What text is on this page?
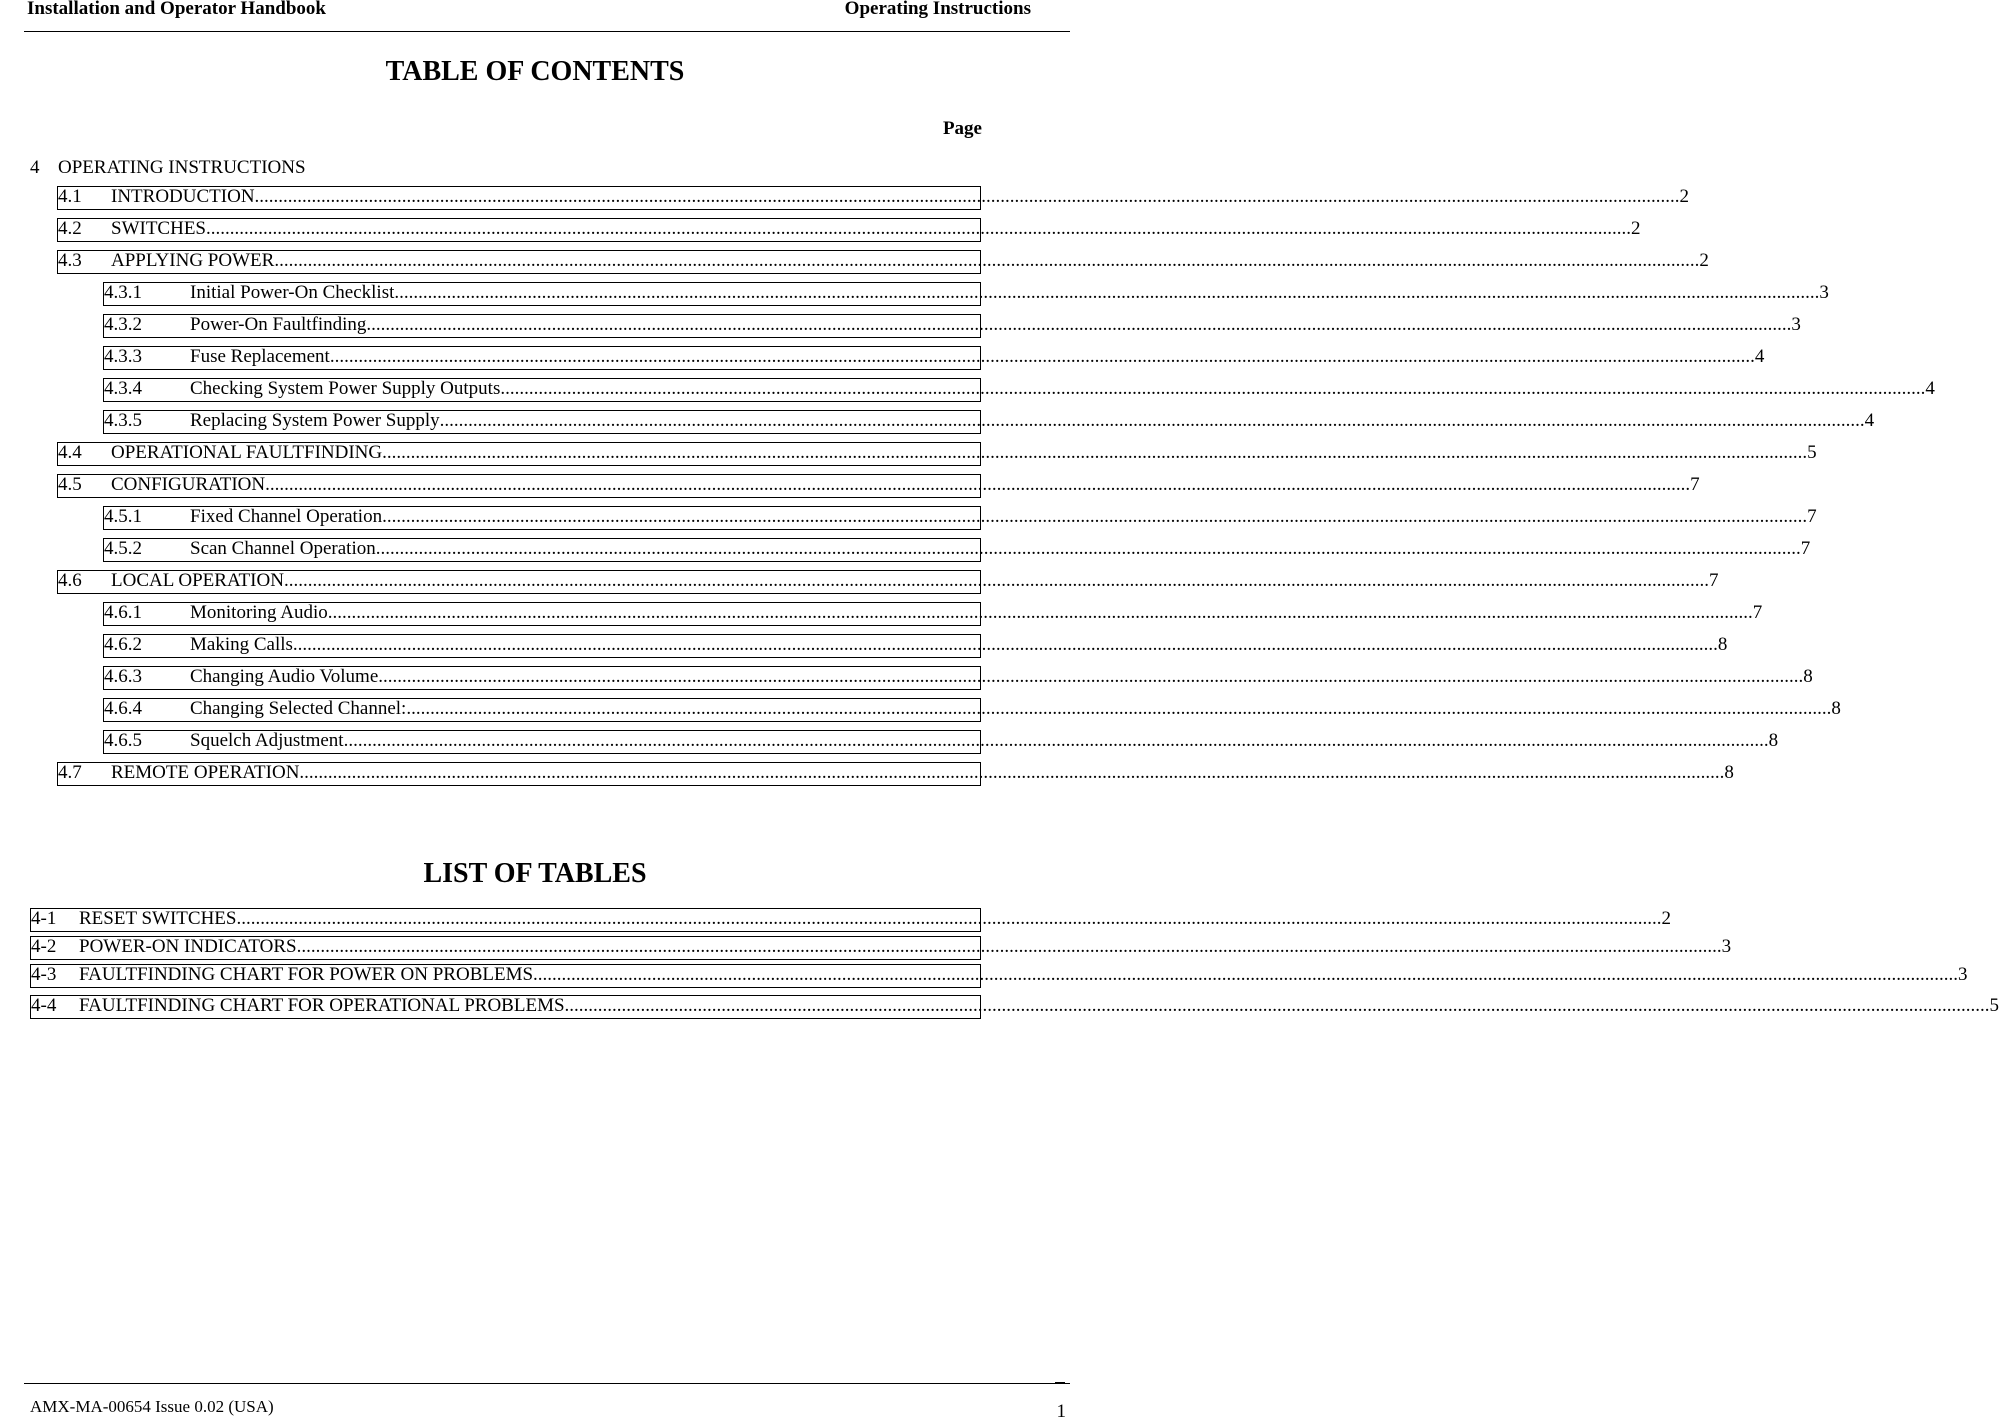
Installation and Operator Handbook	Operating Instructions
TABLE OF CONTENTS
Page
4 OPERATING INSTRUCTIONS
4.1	INTRODUCTION ............................................................................................................................................................................................................................................................................................................ 2
4.2	SWITCHES ............................................................................................................................................................................................................................................................................................................ 2
4.3	APPLYING POWER ............................................................................................................................................................................................................................................................................................................ 2
4.3.1	Initial Power-On Checklist ............................................................................................................................................................................................................................................................................................................ 3
4.3.2	Power-On Faultfinding ............................................................................................................................................................................................................................................................................................................ 3
4.3.3	Fuse Replacement ............................................................................................................................................................................................................................................................................................................ 4
4.3.4	Checking System Power Supply Outputs ............................................................................................................................................................................................................................................................................................................ 4
4.3.5	Replacing System Power Supply ............................................................................................................................................................................................................................................................................................................ 4
4.4	OPERATIONAL FAULTFINDING ............................................................................................................................................................................................................................................................................................................ 5
4.5	CONFIGURATION ............................................................................................................................................................................................................................................................................................................ 7
4.5.1	Fixed Channel Operation ............................................................................................................................................................................................................................................................................................................ 7
4.5.2	Scan Channel Operation ............................................................................................................................................................................................................................................................................................................ 7
4.6	LOCAL OPERATION ............................................................................................................................................................................................................................................................................................................ 7
4.6.1	Monitoring Audio ............................................................................................................................................................................................................................................................................................................ 7
4.6.2	Making Calls ............................................................................................................................................................................................................................................................................................................ 8
4.6.3	Changing Audio Volume ............................................................................................................................................................................................................................................................................................................ 8
4.6.4	Changing Selected Channel: ............................................................................................................................................................................................................................................................................................................ 8
4.6.5	Squelch Adjustment ............................................................................................................................................................................................................................................................................................................ 8
4.7	REMOTE OPERATION ............................................................................................................................................................................................................................................................................................................ 8
LIST OF TABLES
4-1	RESET SWITCHES ............................................................................................................................................................................................................................................................................................................ 2
4-2	POWER-ON INDICATORS ............................................................................................................................................................................................................................................................................................................ 3
4-3	FAULTFINDING CHART FOR POWER ON PROBLEMS ............................................................................................................................................................................................................................................................................................................ 3
4-4	FAULTFINDING CHART FOR OPERATIONAL PROBLEMS ............................................................................................................................................................................................................................................................................................................ 5
AMX-MA-00654 Issue 0.02 (USA)	1
